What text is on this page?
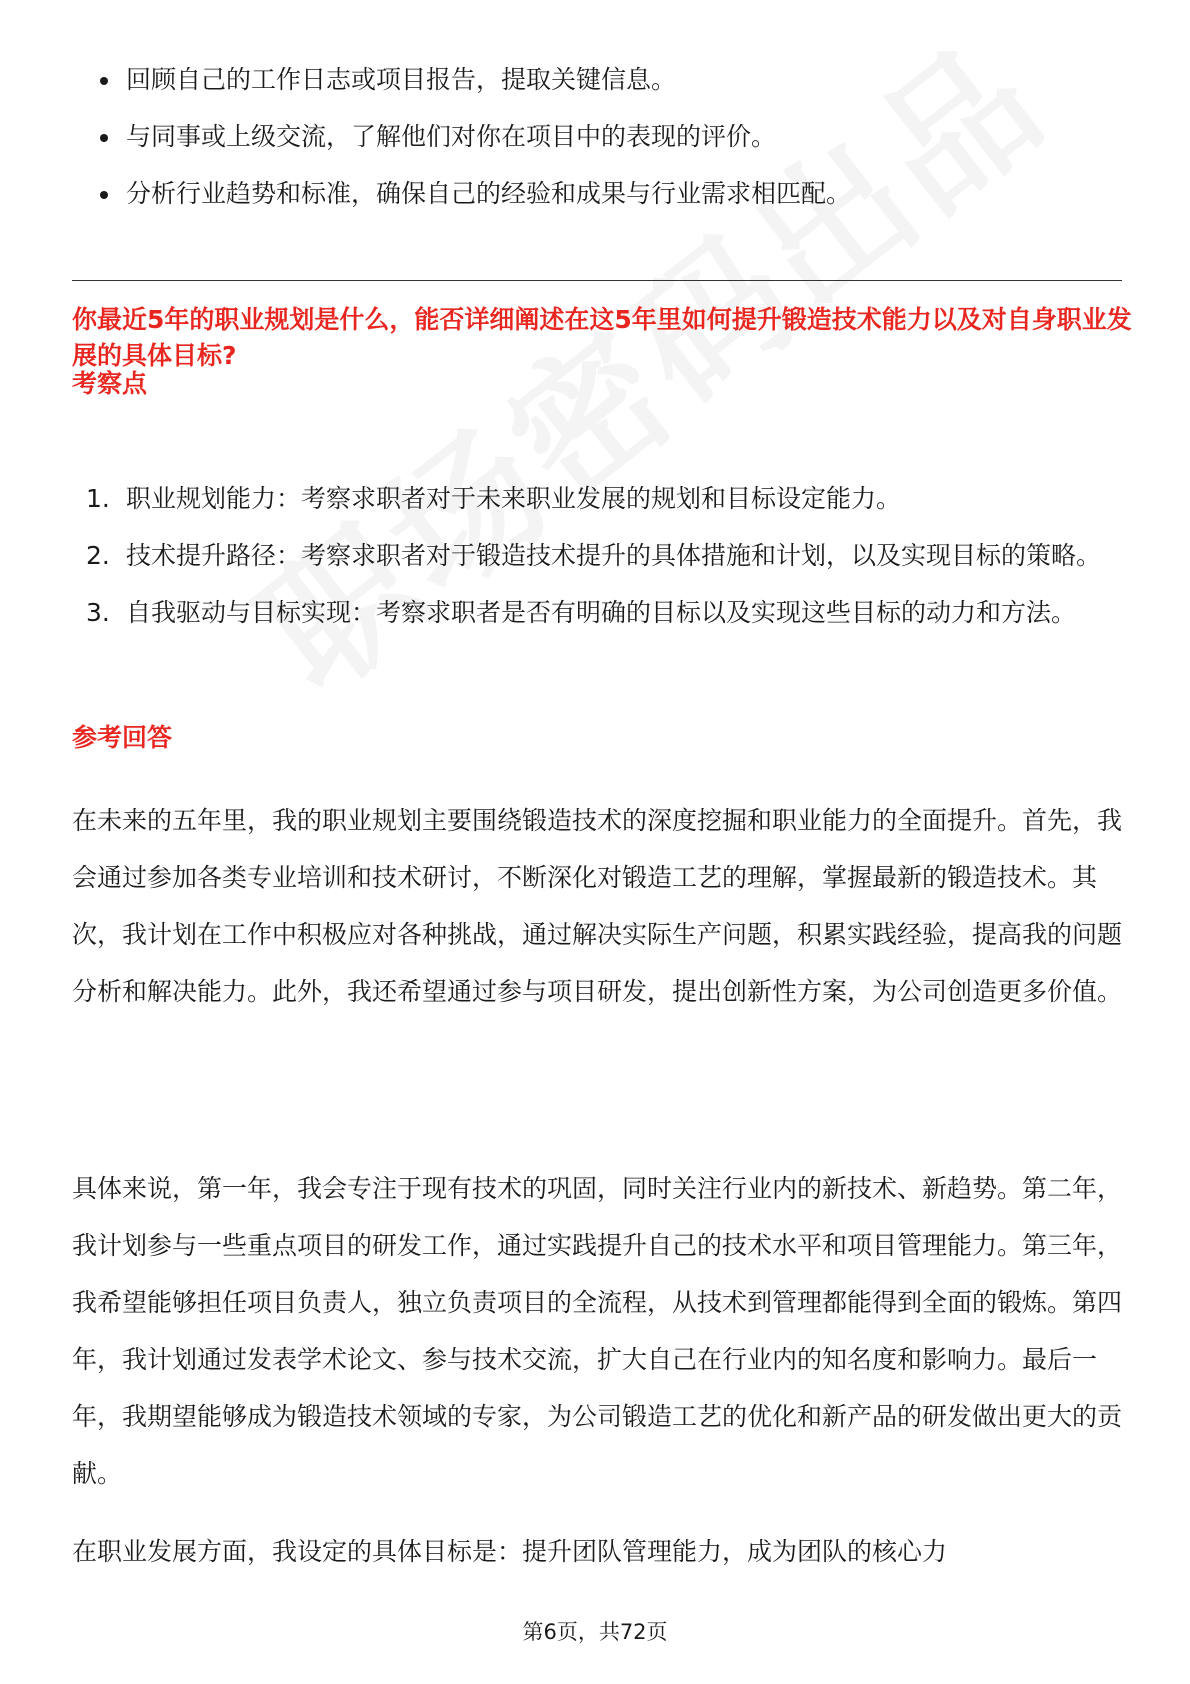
回顾自己的工作日志或项目报告，提取关键信息。
与同事或上级交流，了解他们对你在项目中的表现的评价。
分析行业趋势和标准，确保自己的经验和成果与行业需求相匹配。
你最近5年的职业规划是什么，能否详细阐述在这5年里如何提升锻造技术能力以及对自身职业发展的具体目标?
考察点
1. 职业规划能力：考察求职者对于未来职业发展的规划和目标设定能力。
2. 技术提升路径：考察求职者对于锻造技术提升的具体措施和计划，以及实现目标的策略。
3. 自我驱动与目标实现：考察求职者是否有明确的目标以及实现这些目标的动力和方法。
参考回答

在未来的五年里，我的职业规划主要围绕锻造技术的深度挖掘和职业能力的全面提升。首先，我会通过参加各类专业培训和技术研讨，不断深化对锻造工艺的理解，掌握最新的锻造技术。其次，我计划在工作中积极应对各种挑战，通过解决实际生产问题，积累实践经验，提高我的问题分析和解决能力。此外，我还希望通过参与项目研发，提出创新性方案，为公司创造更多价值。

具体来说，第一年，我会专注于现有技术的巩固，同时关注行业内的新技术、新趋势。第二年，我计划参与一些重点项目的研发工作，通过实践提升自己的技术水平和项目管理能力。第三年，我希望能够担任项目负责人，独立负责项目的全流程，从技术到管理都能得到全面的锻炼。第四年，我计划通过发表学术论文、参与技术交流，扩大自己在行业内的知名度和影响力。最后一年，我期望能够成为锻造技术领域的专家，为公司锻造工艺的优化和新产品的研发做出更大的贡献。

在职业发展方面，我设定的具体目标是：提升团队管理能力，成为团队的核心力

第6页，共72页
